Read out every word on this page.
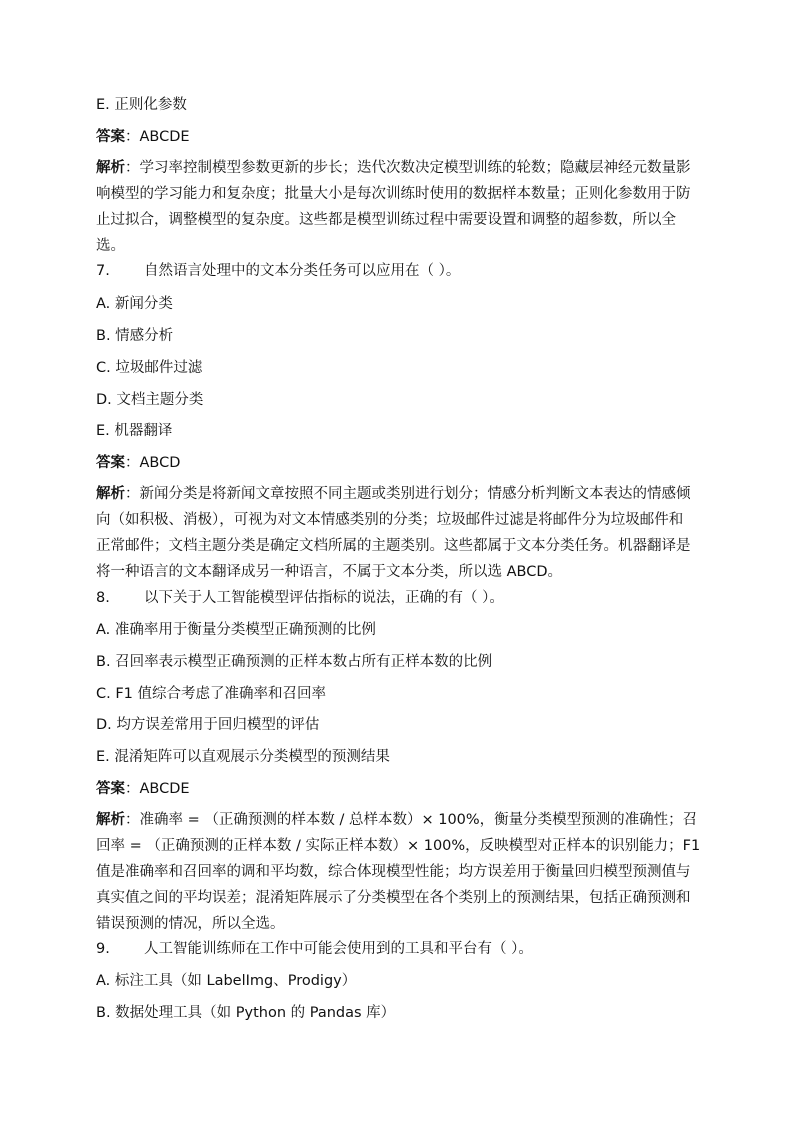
E. 正则化参数
答案：ABCDE

解析：学习率控制模型参数更新的步长；迭代次数决定模型训练的轮数；隐藏层神经元数量影

响模型的学习能力和复杂度；批量大小是每次训练时使用的数据样本数量；正则化参数用于防

止过拟合，调整模型的复杂度。这些都是模型训练过程中需要设置和调整的超参数，所以全

选。

7. 自然语言处理中的文本分类任务可以应用在（ ）。
A. 新闻分类
B. 情感分析
C. 垃圾邮件过滤
D. 文档主题分类
E. 机器翻译
答案：ABCD

解析：新闻分类是将新闻文章按照不同主题或类别进行划分；情感分析判断文本表达的情感倾

向（如积极、消极），可视为对文本情感类别的分类；垃圾邮件过滤是将邮件分为垃圾邮件和

正常邮件；文档主题分类是确定文档所属的主题类别。这些都属于文本分类任务。机器翻译是

将一种语言的文本翻译成另一种语言，不属于文本分类，所以选 ABCD。

8. 以下关于人工智能模型评估指标的说法，正确的有（ ）。
A. 准确率用于衡量分类模型正确预测的比例
B. 召回率表示模型正确预测的正样本数占所有正样本数的比例
C. F1 值综合考虑了准确率和召回率
D. 均方误差常用于回归模型的评估
E. 混淆矩阵可以直观展示分类模型的预测结果
答案：ABCDE

解析：准确率 = （正确预测的样本数 / 总样本数）× 100%，衡量分类模型预测的准确性；召

回率 = （正确预测的正样本数 / 实际正样本数）× 100%，反映模型对正样本的识别能力；F1

值是准确率和召回率的调和平均数，综合体现模型性能；均方误差用于衡量回归模型预测值与

真实值之间的平均误差；混淆矩阵展示了分类模型在各个类别上的预测结果，包括正确预测和

错误预测的情况，所以全选。

9. 人工智能训练师在工作中可能会使用到的工具和平台有（ ）。
A. 标注工具（如 LabelImg、Prodigy）
B. 数据处理工具（如 Python 的 Pandas 库）
